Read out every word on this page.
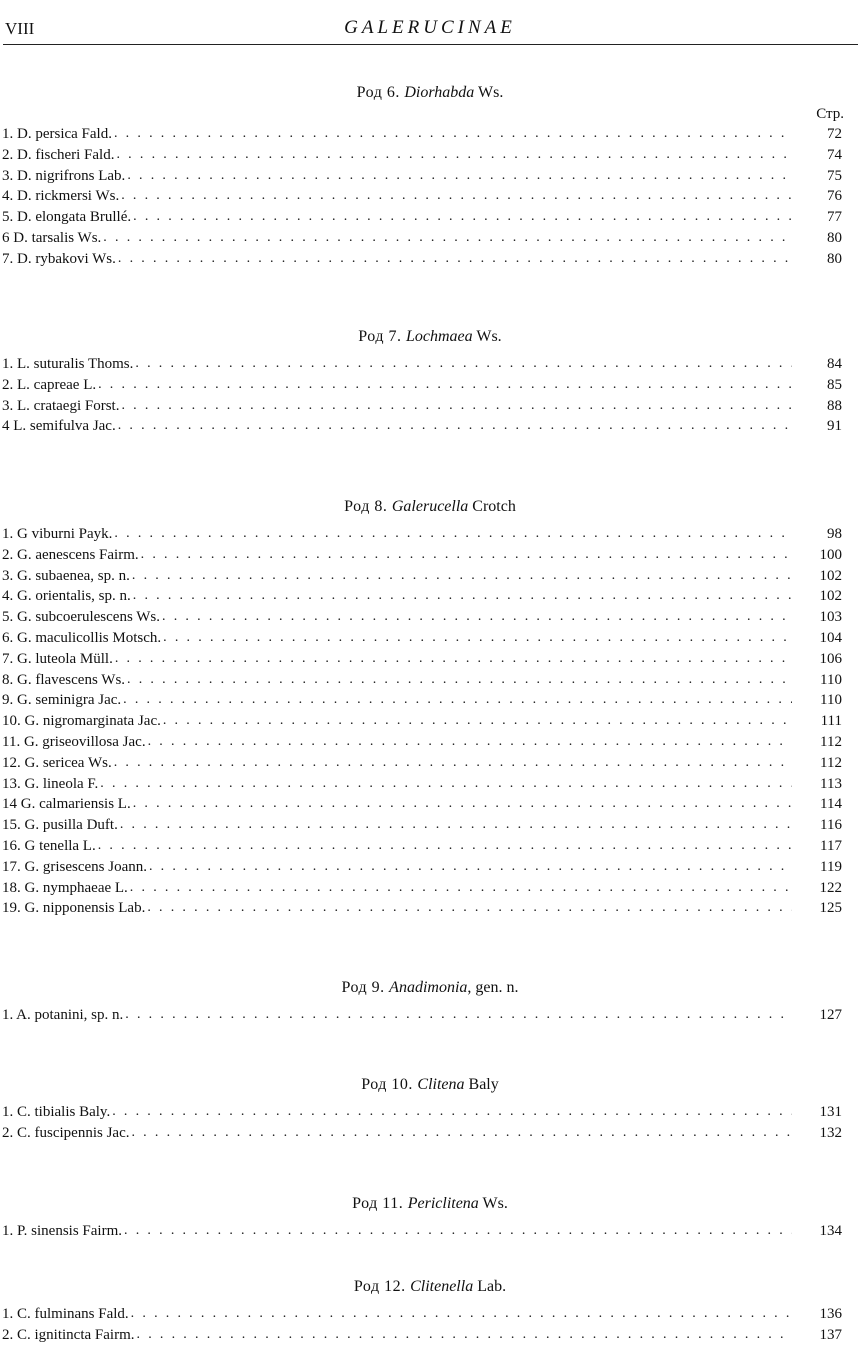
VIII	GALERUCINAE
Род 6. Diorhabda Ws.
Стр.
1. D. persica Fald. .....	72
2. D. fischeri Fald. .....	74
3. D. nigrifrons Lab. .....	75
4. D. rickmersi Ws. .....	76
5. D. elongata Brullé. .....	77
6 D. tarsalis Ws. .....	80
7. D. rybakovi Ws. .....	80
Род 7. Lochmaea Ws.
1. L. suturalis Thoms. .....	84
2. L. capreae L. .....	85
3. L. crataegi Forst. .....	88
4 L. semifulva Jac. .....	91
Род 8. Galerucella Crotch
1. G viburni Payk. .....	98
2. G. aenescens Fairm. .....	100
3. G. subaenea, sp. n. .....	102
4. G. orientalis, sp. n. .....	102
5. G. subcoerulescens Ws. .....	103
6. G. maculicollis Motsch. .....	104
7. G. luteola Müll. .....	106
8. G. flavescens Ws. .....	110
9. G. seminigra Jac. .....	110
10. G. nigromarginata Jac. .....	111
11. G. griseovillosa Jac. .....	112
12. G. sericea Ws. .....	112
13. G. lineola F. .....	113
14 G. calmariensis L. .....	114
15. G. pusilla Duft. .....	116
16. G tenella L. .....	117
17. G. grisescens Joann. .....	119
18. G. nymphaeae L. .....	122
19. G. nipponensis Lab. .....	125
Род 9. Anadimonia, gen. n.
1. A. potanini, sp. n. .....	127
Род 10. Clitena Baly
1. C. tibialis Baly. .....	131
2. C. fuscipennis Jac. .....	132
Род 11. Periclitena Ws.
1. P. sinensis Fairm. .....	134
Род 12. Clitenella Lab.
1. C. fulminans Fald. .....	136
2. C. ignitincta Fairm. .....	137
